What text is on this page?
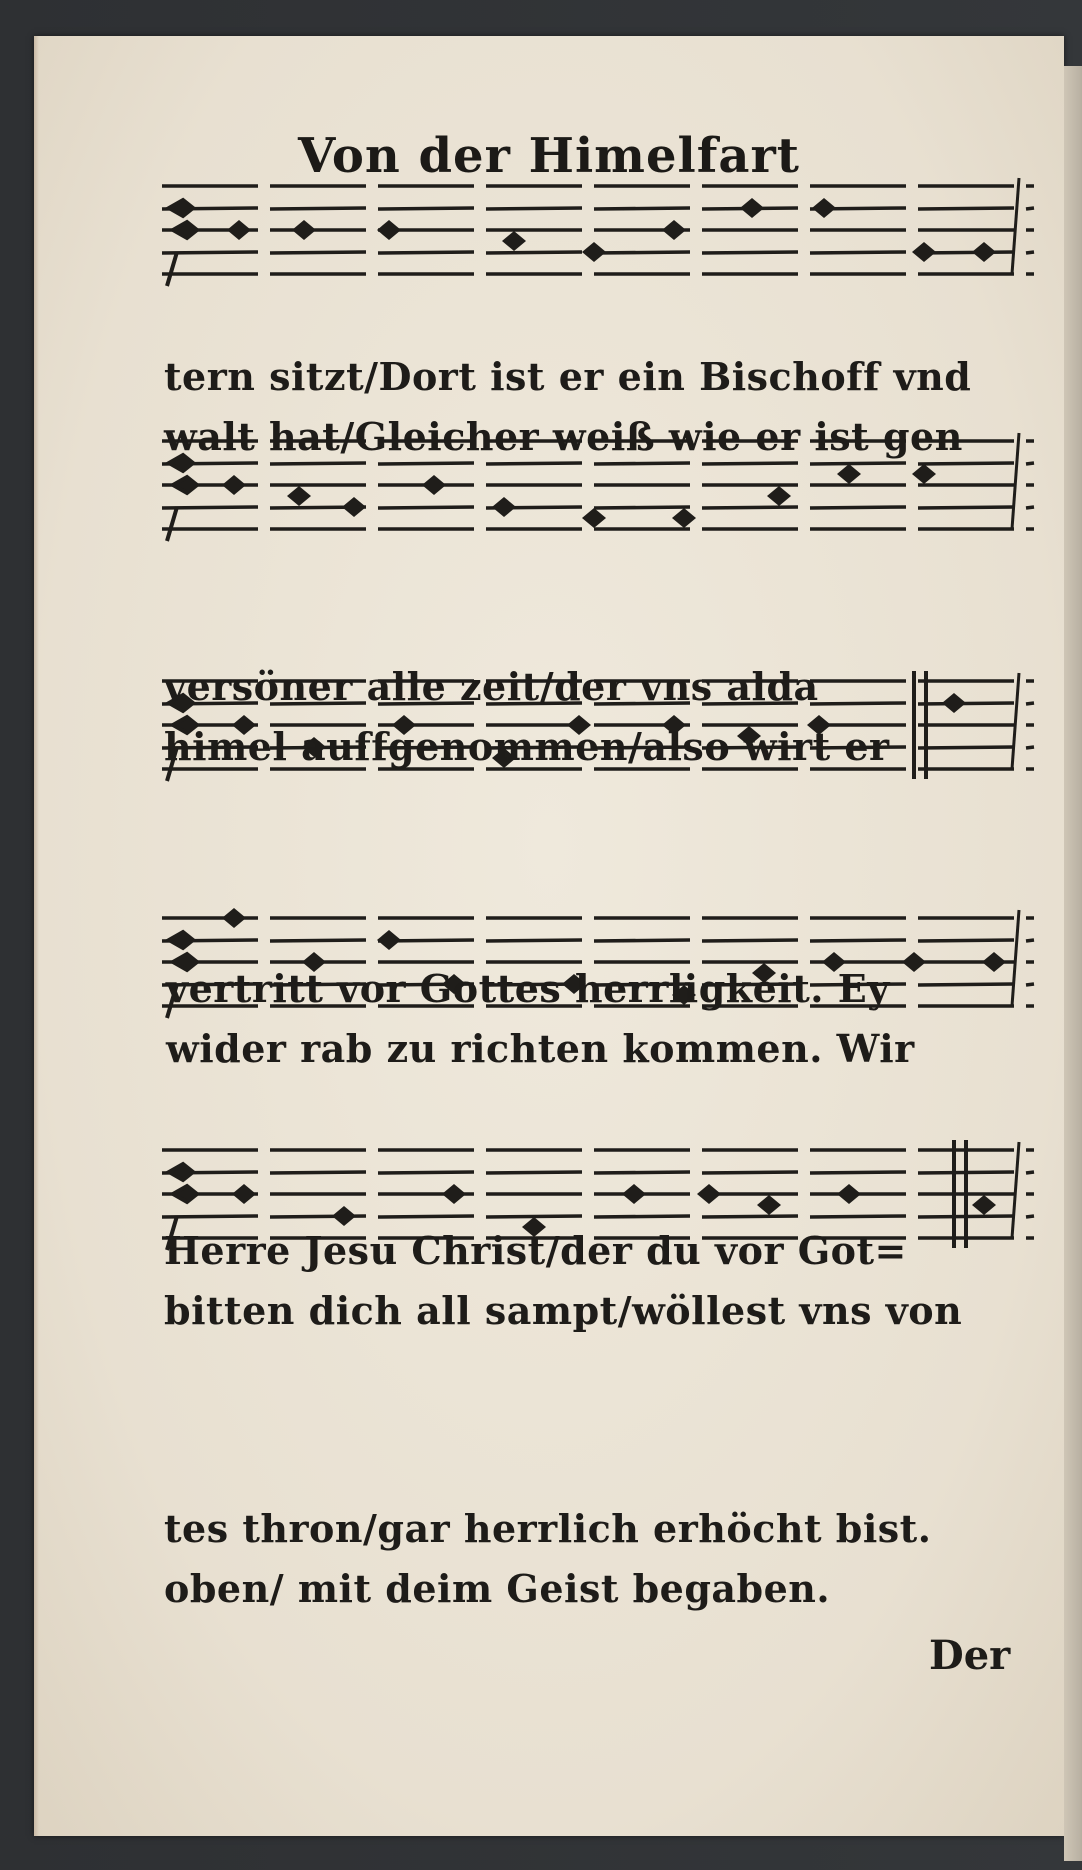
Von der Himelfart
tern sitzt/Dort ist er ein Bischoff vnd
walt hat/Gleicher weiß wie er ist gen
versöner alle zeit/der vns alda
himel auffgenommen/also wirt er
vertritt vor Gottes herrligkeit. Ey
wider rab zu richten kommen. Wir
Herre Jesu Christ/der du vor Got=
bitten dich all sampt/wöllest vns von
tes thron/gar herrlich erhöcht bist.
oben/ mit deim Geist begaben.
Der
